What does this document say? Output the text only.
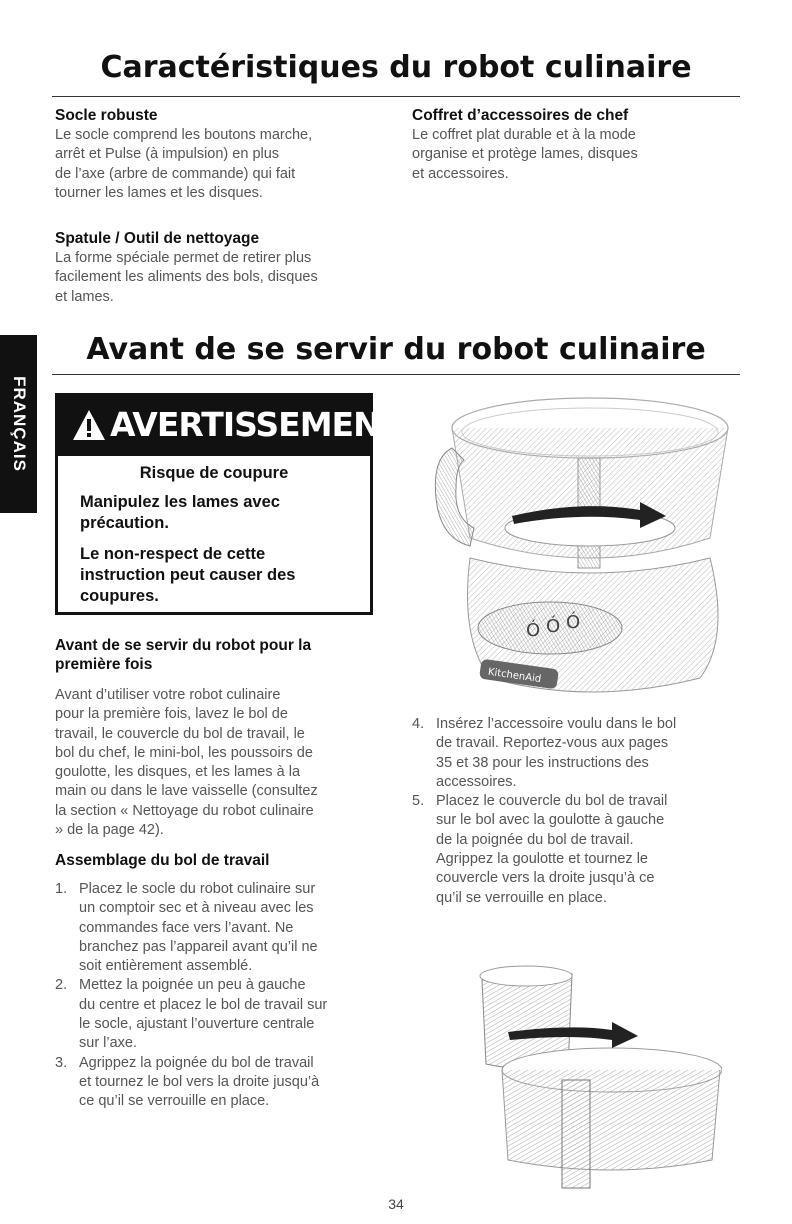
Caractéristiques du robot culinaire
Socle robuste

Le socle comprend les boutons marche,
arrêt et Pulse (à impulsion) en plus
de l’axe (arbre de commande) qui fait
tourner les lames et les disques.

Spatule / Outil de nettoyage

La forme spéciale permet de retirer plus
facilement les aliments des bols, disques
et lames.

Coffret d’accessoires de chef

Le coffret plat durable et à la mode
organise et protège lames, disques
et accessoires.

FRANÇAIS
Avant de se servir du robot culinaire
AVERTISSEMENT

Risque de coupure

Manipulez les lames avec
précaution.

Le non-respect de cette
instruction peut causer des
coupures.

Avant de se servir du robot pour la
première fois

Avant d’utiliser votre robot culinaire
pour la première fois, lavez le bol de
travail, le couvercle du bol de travail, le
bol du chef, le mini-bol, les poussoirs de
goulotte, les disques, et les lames à la
main ou dans le lave vaisselle (consultez
la section « Nettoyage du robot culinaire
» de la page 42).

Assemblage du bol de travail
1. Placez le socle du robot culinaire sur
un comptoir sec et à niveau avec les
commandes face vers l’avant. Ne
branchez pas l’appareil avant qu’il ne
soit entièrement assemblé.
2. Mettez la poignée un peu à gauche
du centre et placez le bol de travail sur
le socle, ajustant l’ouverture centrale
sur l’axe.
3. Agrippez la poignée du bol de travail
et tournez le bol vers la droite jusqu’à
ce qu’il se verrouille en place.
4. Insérez l’accessoire voulu dans le bol
de travail. Reportez-vous aux pages
35 et 38 pour les instructions des
accessoires.
5. Placez le couvercle du bol de travail
sur le bol avec la goulotte à gauche
de la poignée du bol de travail.
Agrippez la goulotte et tournez le
couvercle vers la droite jusqu’à ce
qu’il se verrouille en place.
Ó Ó Ó
KitchenAid
34
